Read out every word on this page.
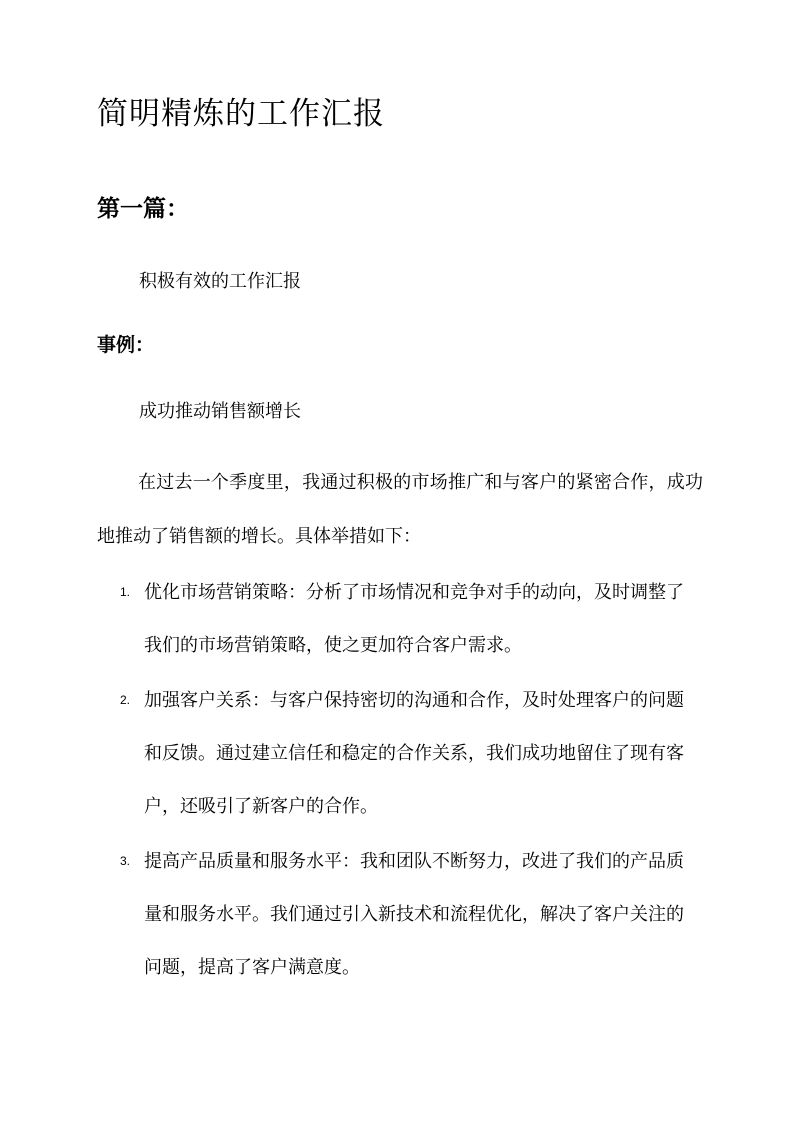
简明精炼的工作汇报
第一篇：
积极有效的工作汇报
事例：
成功推动销售额增长

在过去一个季度里，我通过积极的市场推广和与客户的紧密合作，成功地推动了销售额的增长。具体举措如下：

1. 优化市场营销策略：分析了市场情况和竞争对手的动向，及时调整了我们的市场营销策略，使之更加符合客户需求。
2. 加强客户关系：与客户保持密切的沟通和合作，及时处理客户的问题和反馈。通过建立信任和稳定的合作关系，我们成功地留住了现有客户，还吸引了新客户的合作。
3. 提高产品质量和服务水平：我和团队不断努力，改进了我们的产品质量和服务水平。我们通过引入新技术和流程优化，解决了客户关注的问题，提高了客户满意度。
